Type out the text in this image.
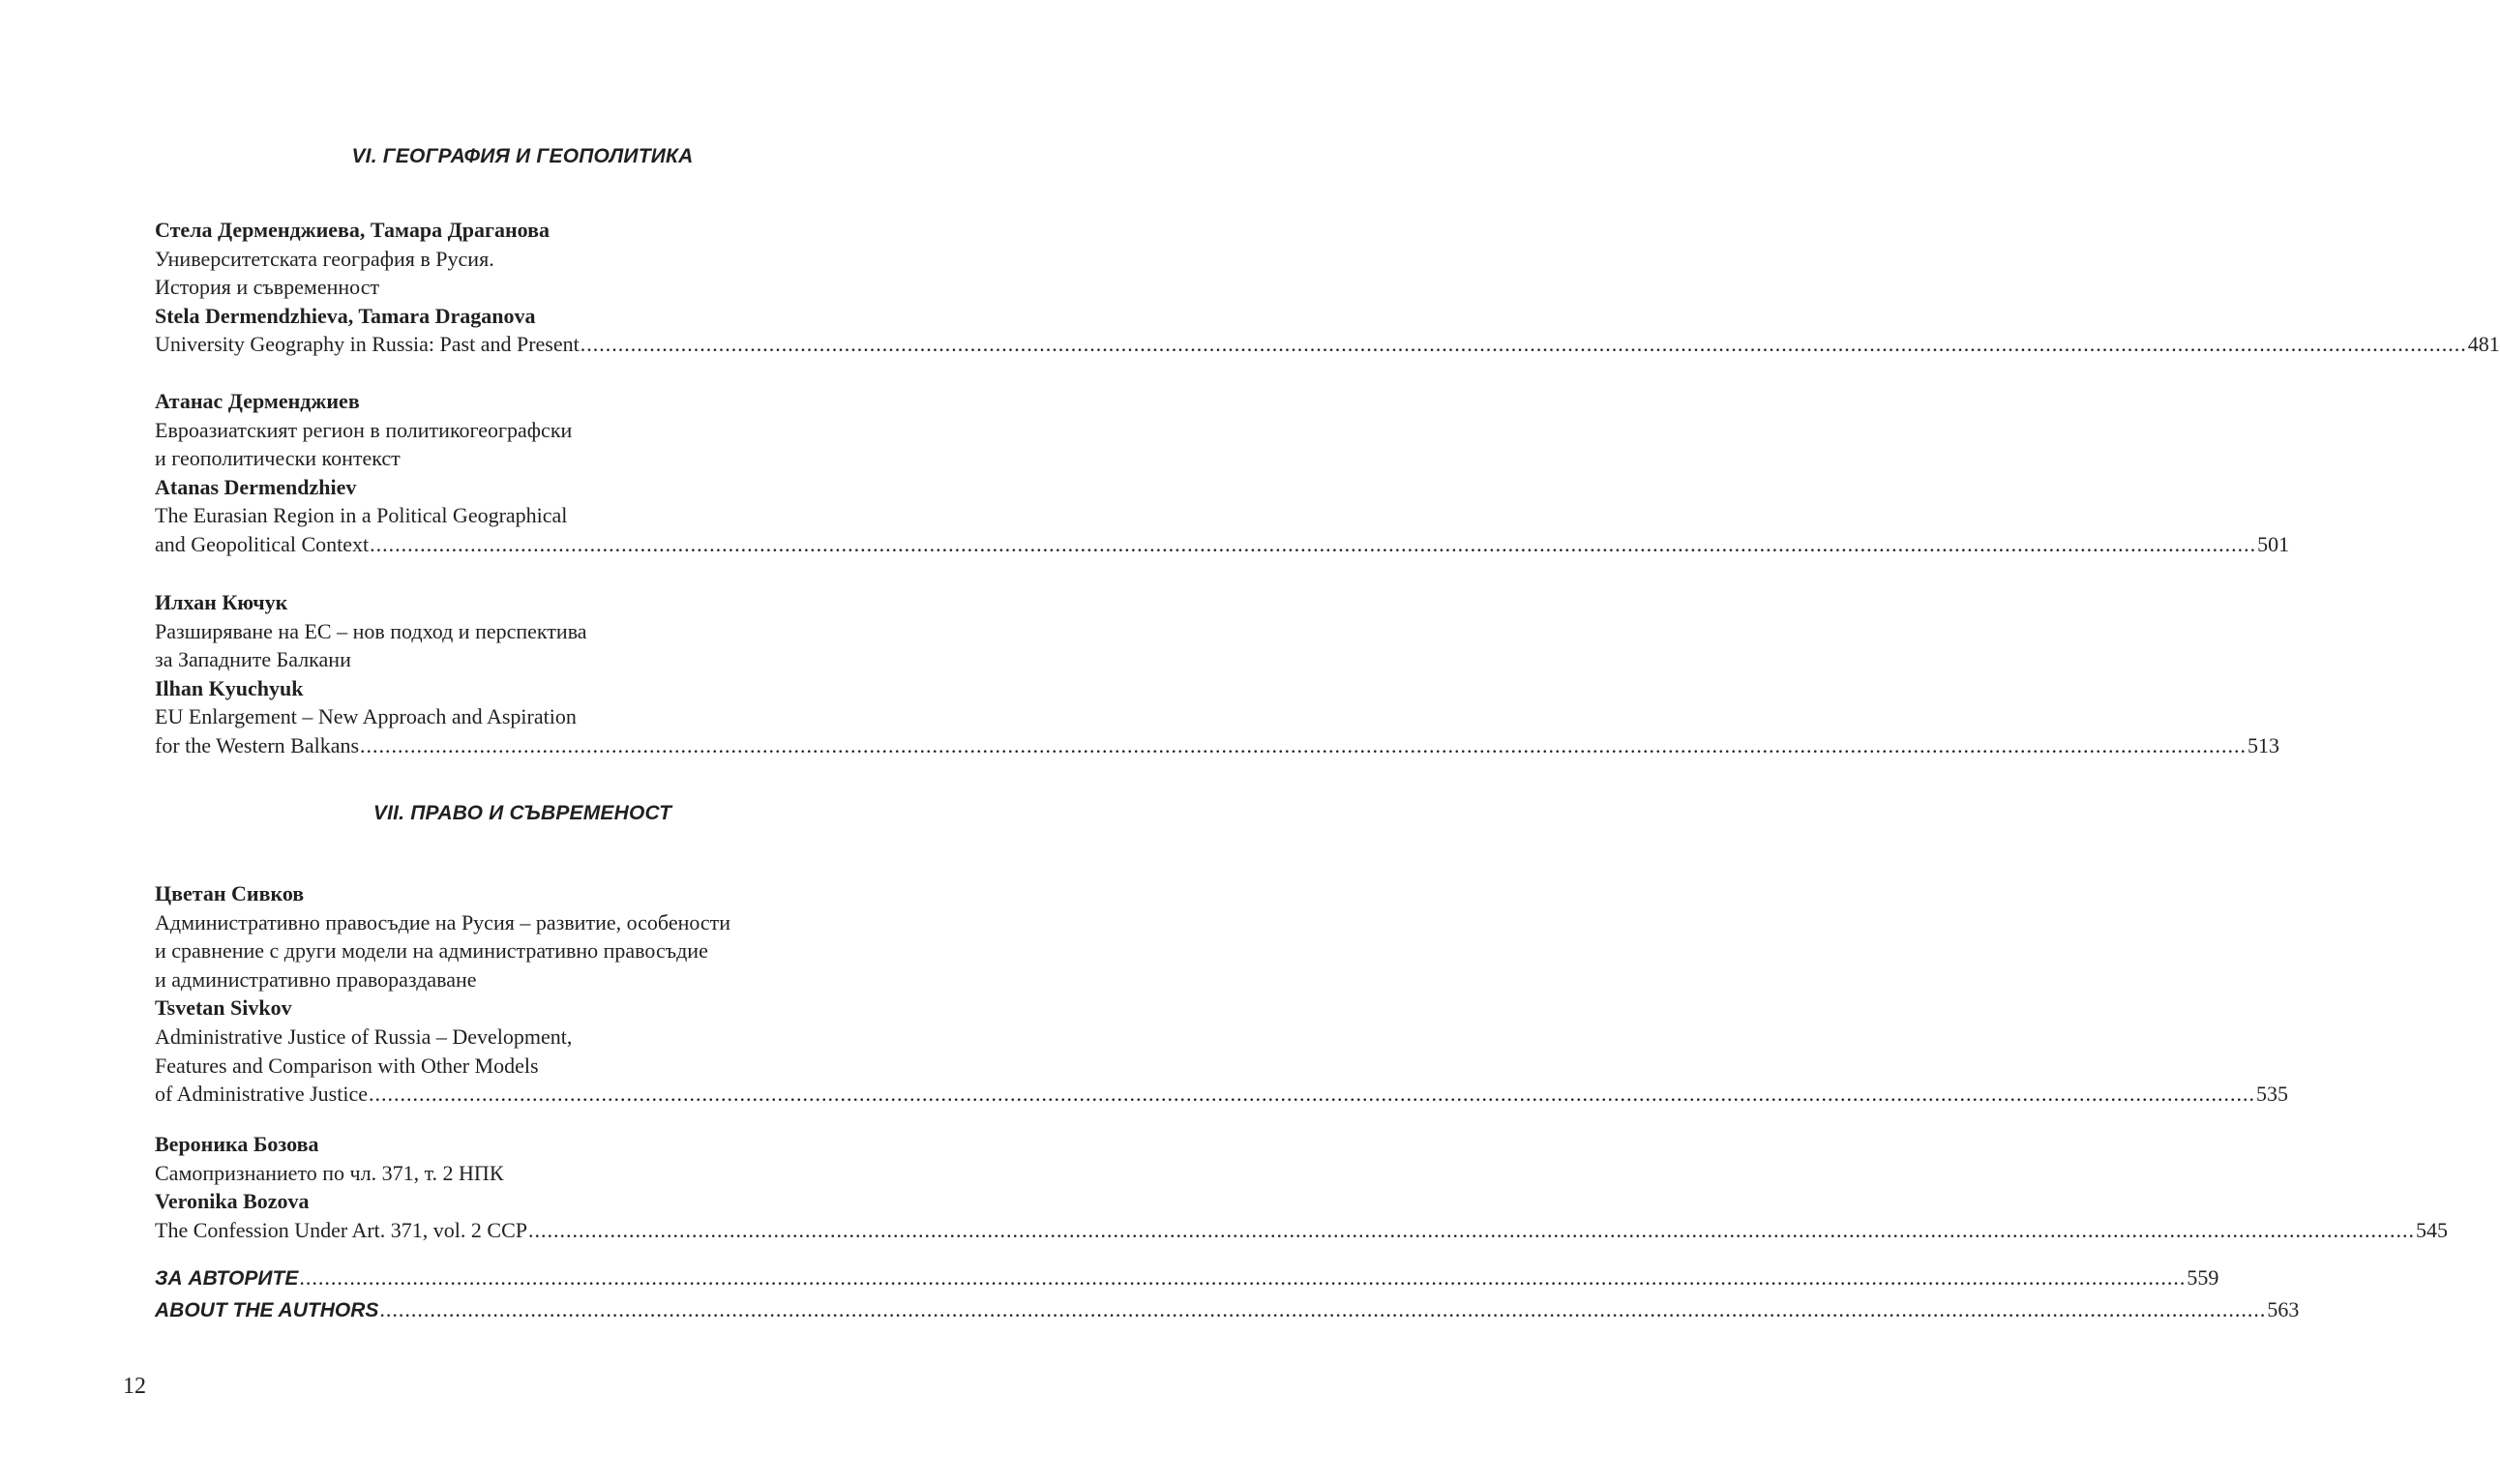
VI. ГЕОГРАФИЯ И ГЕОПОЛИТИКА
Стела Дерменджиева, Тамара Драганова
Университетската география в Русия.
История и съвременност
Stela Dermendzhieva, Tamara Draganova
University Geography in Russia: Past and Present ............................................................................................................................................................................................................................................................................................................ 481
Атанас Дерменджиев
Евроазиатският регион в политикогеографски
и геополитически контекст
Atanas Dermendzhiev
The Eurasian Region in a Political Geographical
and Geopolitical Context ............................................................................................................................................................................................................................................................................................................ 501
Илхан Кючук
Разширяване на ЕС – нов подход и перспектива
за Западните Балкани
Ilhan Kyuchyuk
EU Enlargement – New Approach and Aspiration
for the Western Balkans ............................................................................................................................................................................................................................................................................................................ 513
VII. ПРАВО И СЪВРЕМЕНОСТ
Цветан Сивков
Административно правосъдие на Русия – развитие, особености
и сравнение с други модели на административно правосъдие
и административно правораздаване
Tsvetan Sivkov
Administrative Justice of Russia – Development,
Features and Comparison with Other Models
of Administrative Justice ............................................................................................................................................................................................................................................................................................................ 535
Вероника Бозова
Самопризнанието по чл. 371, т. 2 НПК
Veronika Bozova
The Confession Under Art. 371, vol. 2 CCP ............................................................................................................................................................................................................................................................................................................ 545
ЗА АВТОРИТЕ ............................................................................................................................................................................................................................................................................................................ 559
ABOUT THE AUTHORS ............................................................................................................................................................................................................................................................................................................ 563
12
